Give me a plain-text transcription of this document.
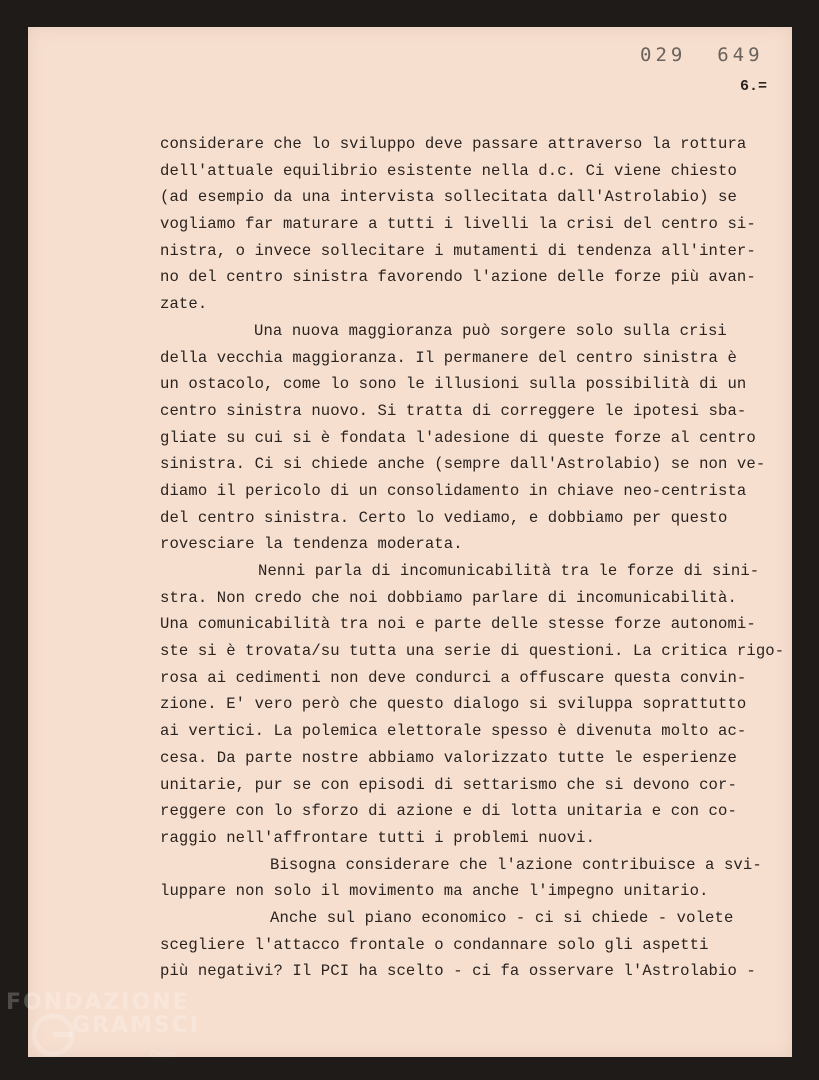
029  649
6.=
considerare che lo sviluppo deve passare attraverso la rottura
dell'attuale equilibrio esistente nella d.c. Ci viene chiesto
(ad esempio da una intervista sollecitata dall'Astrolabio) se
vogliamo far maturare a tutti i livelli la crisi del centro si-
nistra, o invece sollecitare i mutamenti di tendenza all'inter-
no del centro sinistra favorendo l'azione delle forze più avan-
zate.
Una nuova maggioranza può sorgere solo sulla crisi
della vecchia maggioranza. Il permanere del centro sinistra è
un ostacolo, come lo sono le illusioni sulla possibilità di un
centro sinistra nuovo. Si tratta di correggere le ipotesi sba-
gliate su cui si è fondata l'adesione di queste forze al centro
sinistra. Ci si chiede anche (sempre dall'Astrolabio) se non ve-
diamo il pericolo di un consolidamento in chiave neo-centrista
del centro sinistra. Certo lo vediamo, e dobbiamo per questo
rovesciare la tendenza moderata.
Nenni parla di incomunicabilità tra le forze di sini-
stra. Non credo che noi dobbiamo parlare di incomunicabilità.
Una comunicabilità tra noi e parte delle stesse forze autonomi-
ste si è trovata/su tutta una serie di questioni. La critica rigo-
rosa ai cedimenti non deve condurci a offuscare questa convin-
zione. E' vero però che questo dialogo si sviluppa soprattutto
ai vertici. La polemica elettorale spesso è divenuta molto ac-
cesa. Da parte nostre abbiamo valorizzato tutte le esperienze
unitarie, pur se con episodi di settarismo che si devono cor-
reggere con lo sforzo di azione e di lotta unitaria e con co-
raggio nell'affrontare tutti i problemi nuovi.
Bisogna considerare che l'azione contribuisce a svi-
luppare non solo il movimento ma anche l'impegno unitario.
Anche sul piano economico - ci si chiede - volete
scegliere l'attacco frontale o condannare solo gli aspetti
più negativi? Il PCI ha scelto - ci fa osservare l'Astrolabio -
FONDAZIONE
GRAMSCI
Onlus
